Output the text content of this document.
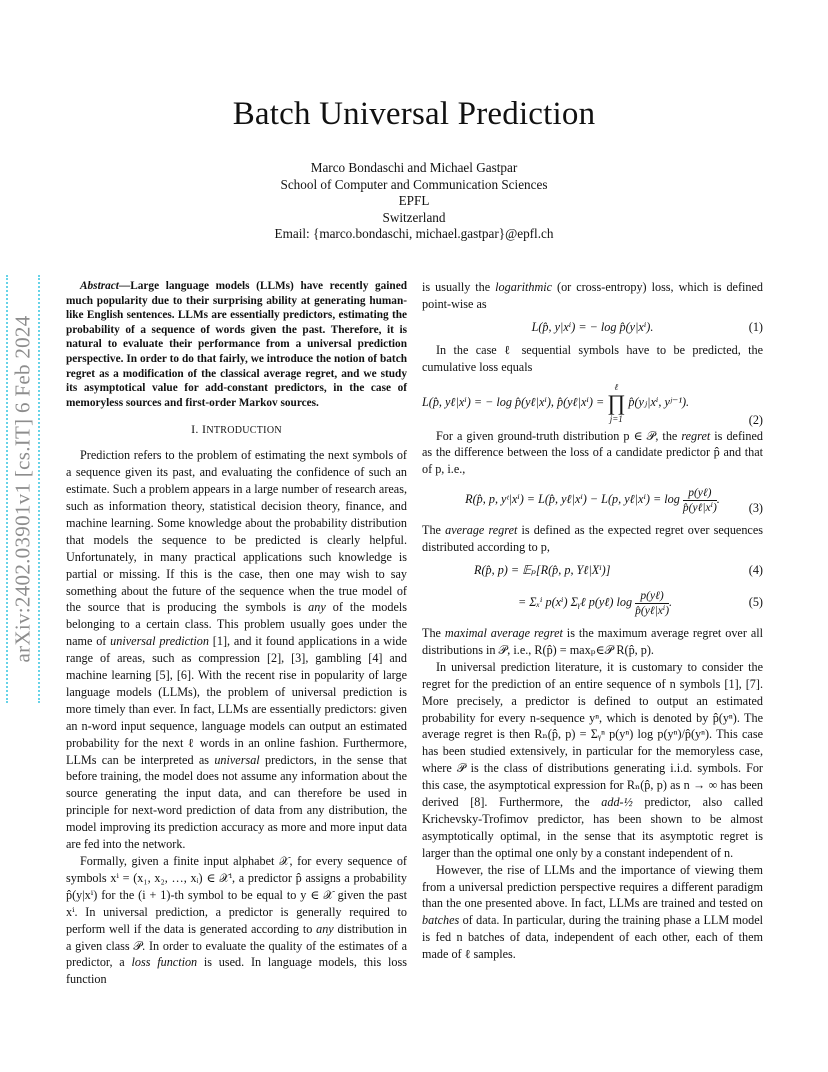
Batch Universal Prediction
Marco Bondaschi and Michael Gastpar
School of Computer and Communication Sciences
EPFL
Switzerland
Email: {marco.bondaschi, michael.gastpar}@epfl.ch
arXiv:2402.03901v1 [cs.IT] 6 Feb 2024

Abstract—Large language models (LLMs) have recently gained much popularity due to their surprising ability at generating human-like English sentences. LLMs are essentially predictors, estimating the probability of a sequence of words given the past. Therefore, it is natural to evaluate their performance from a universal prediction perspective. In order to do that fairly, we introduce the notion of batch regret as a modification of the classical average regret, and we study its asymptotical value for add-constant predictors, in the case of memoryless sources and first-order Markov sources.

I. INTRODUCTION

Prediction refers to the problem of estimating the next symbols of a sequence given its past, and evaluating the confidence of such an estimate. Such a problem appears in a large number of research areas, such as information theory, statistical decision theory, finance, and machine learning. Some knowledge about the probability distribution that models the sequence to be predicted is clearly helpful. Unfortunately, in many practical applications such knowledge is partial or missing. If this is the case, then one may wish to say something about the future of the sequence when the true model of the source that is producing the symbols is any of the models belonging to a certain class. This problem usually goes under the name of universal prediction [1], and it found applications in a wide range of areas, such as compression [2], [3], gambling [4] and machine learning [5], [6]. With the recent rise in popularity of large language models (LLMs), the problem of universal prediction is more timely than ever. In fact, LLMs are essentially predictors: given an n-word input sequence, language models can output an estimated probability for the next ℓ words in an online fashion. Furthermore, LLMs can be interpreted as universal predictors, in the sense that before training, the model does not assume any information about the source generating the input data, and can therefore be used in principle for next-word prediction of data from any distribution, the model improving its prediction accuracy as more and more input data are fed into the network.

Formally, given a finite input alphabet 𝒳, for every sequence of symbols xⁱ = (x₁, x₂, …, xᵢ) ∈ 𝒳ⁱ, a predictor p̂ assigns a probability p̂(y|xⁱ) for the (i + 1)-th symbol to be equal to y ∈ 𝒳 given the past xⁱ. In universal prediction, a predictor is generally required to perform well if the data is generated according to any distribution in a given class 𝒫. In order to evaluate the quality of the estimates of a predictor, a loss function is used. In language models, this loss function

is usually the logarithmic (or cross-entropy) loss, which is defined point-wise as

L(p̂, y|xⁱ) = − log p̂(y|xⁱ).	(1)

In the case ℓ sequential symbols have to be predicted, the cumulative loss equals

L(p̂, yℓ|xⁱ) = − log p̂(yℓ|xⁱ), p̂(yℓ|xⁱ) =
ℓ
∏
j=1
p̂(yⱼ|xⁱ, yʲ⁻¹).
(2)

For a given ground-truth distribution p ∈ 𝒫, the regret is defined as the difference between the loss of a candidate predictor p̂ and that of p, i.e.,

R(p̂, p, yᵗ|xⁱ) = L(p̂, yℓ|xⁱ) − L(p, yℓ|xⁱ) = $\log \frac{\text{p(yℓ)}}{\text{p̂(yℓ|xⁱ)}}$ .
(3)

The average regret is defined as the expected regret over sequences distributed according to p,

R(p̂, p) = 𝔼ₚ[R(p̂, p, Yℓ|Xⁱ)]	(4)
= Σₓⁱ p(xⁱ) Σᵧℓ p(yℓ) $\log \frac{\text{p(yℓ)}}{\text{p̂(yℓ|xⁱ)}}$ .	(5)

The maximal average regret is the maximum average regret over all distributions in 𝒫, i.e., R(p̂) = maxₚ∈𝒫 R(p̂, p).

In universal prediction literature, it is customary to consider the regret for the prediction of an entire sequence of n symbols [1], [7]. More precisely, a predictor is defined to output an estimated probability for every n-sequence yⁿ, which is denoted by p̂(yⁿ). The average regret is then Rₙ(p̂, p) = Σᵧⁿ p(yⁿ) log p(yⁿ)/p̂(yⁿ). This case has been studied extensively, in particular for the memoryless case, where 𝒫 is the class of distributions generating i.i.d. symbols. For this case, the asymptotical expression for Rₙ(p̂, p) as n → ∞ has been derived [8]. Furthermore, the add-½ predictor, also called Krichevsky-Trofimov predictor, has been shown to be almost asymptotically optimal, in the sense that its asymptotic regret is larger than the optimal one only by a constant independent of n.

However, the rise of LLMs and the importance of viewing them from a universal prediction perspective requires a different paradigm than the one presented above. In fact, LLMs are trained and tested on batches of data. In particular, during the training phase a LLM model is fed n batches of data, independent of each other, each of them made of ℓ samples.
